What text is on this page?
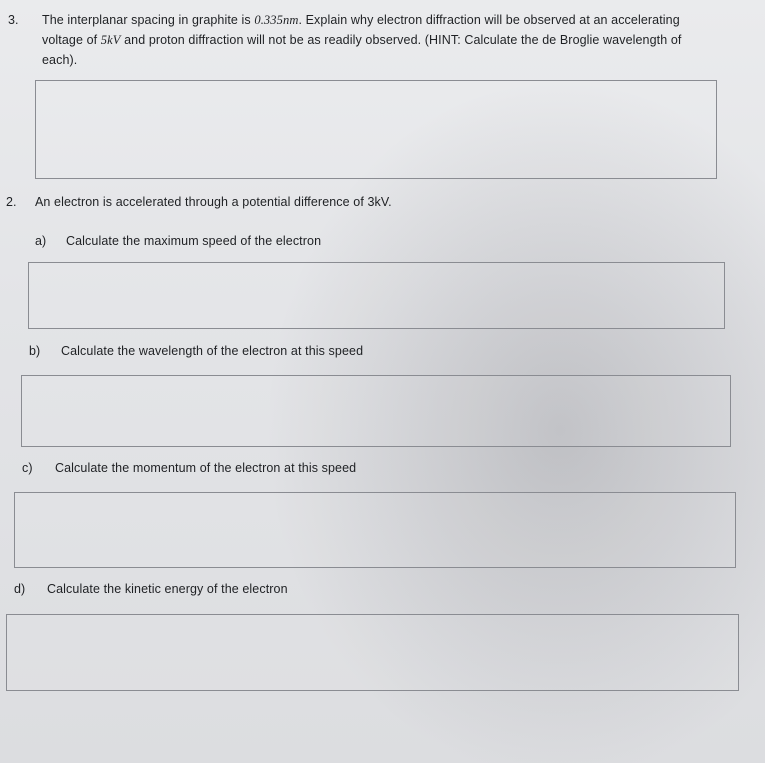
3. The interplanar spacing in graphite is 0.335nm. Explain why electron diffraction will be observed at an accelerating
voltage of 5kV and proton diffraction will not be as readily observed. (HINT: Calculate the de Broglie wavelength of
each).
2. An electron is accelerated through a potential difference of 3kV.
a) Calculate the maximum speed of the electron
b) Calculate the wavelength of the electron at this speed
c) Calculate the momentum of the electron at this speed
d) Calculate the kinetic energy of the electron
